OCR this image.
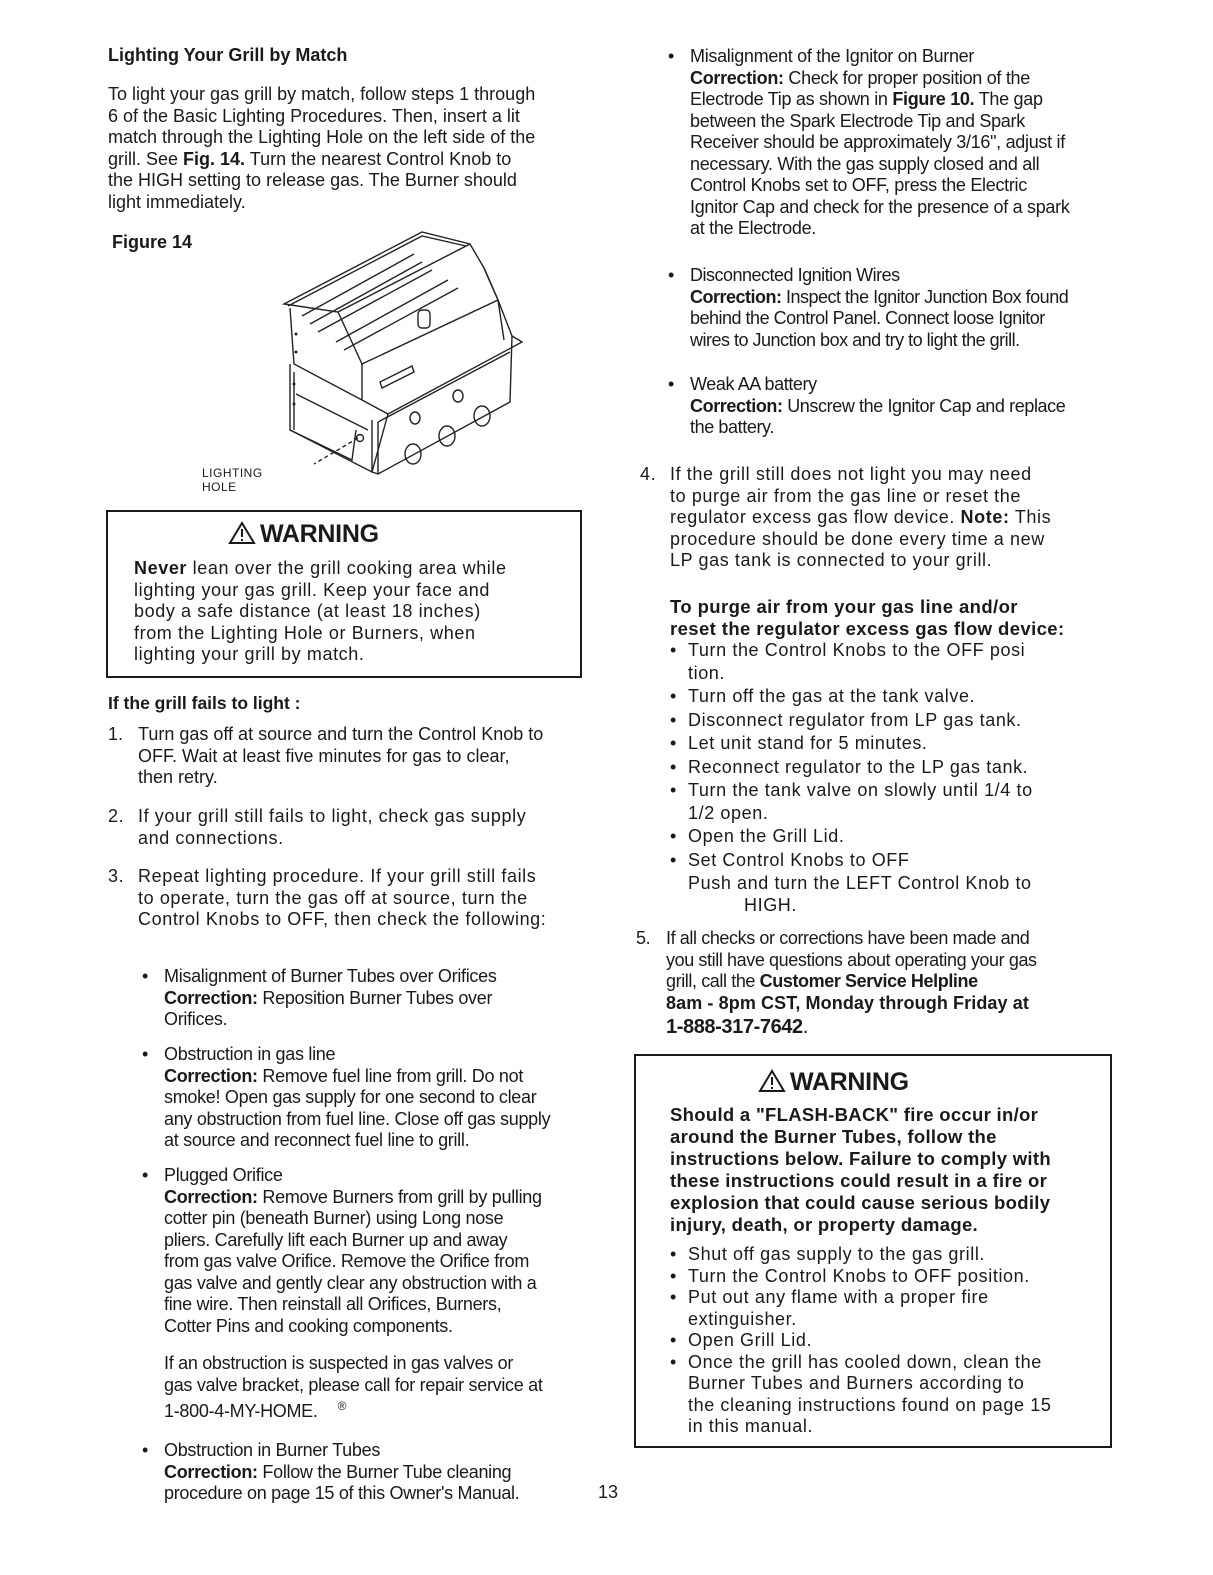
Lighting Your Grill by Match

To light your gas grill by match, follow steps 1 through

6 of the Basic Lighting Procedures. Then, insert a lit

match through the Lighting Hole on the left side of the

grill. See Fig. 14. Turn the nearest Control Knob to

the HIGH setting to release gas. The Burner should

light immediately.

Figure 14

LIGHTING

HOLE

WARNING

Never lean over the grill cooking area while

lighting your gas grill. Keep your face and

body a safe distance (at least 18 inches)

from the Lighting Hole or Burners, when

lighting your grill by match.

If the grill fails to light :
1. Turn gas off at source and turn the Control Knob to

OFF. Wait at least five minutes for gas to clear,

then retry.

2. If your grill still fails to light, check gas supply

and connections.

3. Repeat lighting procedure. If your grill still fails

to operate, turn the gas off at source, turn the

Control Knobs to OFF, then check the following:

• Misalignment of Burner Tubes over Orifices

Correction: Reposition Burner Tubes over

Orifices.

• Obstruction in gas line

Correction: Remove fuel line from grill. Do not

smoke! Open gas supply for one second to clear

any obstruction from fuel line. Close off gas supply

at source and reconnect fuel line to grill.

• Plugged Orifice

Correction: Remove Burners from grill by pulling

cotter pin (beneath Burner) using Long nose

pliers. Carefully lift each Burner up and away

from gas valve Orifice. Remove the Orifice from

gas valve and gently clear any obstruction with a

fine wire. Then reinstall all Orifices, Burners,

Cotter Pins and cooking components.

If an obstruction is suspected in gas valves or

gas valve bracket, please call for repair service at

1-800-4-MY-HOME. ®

• Obstruction in Burner Tubes

Correction: Follow the Burner Tube cleaning

procedure on page 15 of this Owner's Manual.	13
• Misalignment of the Ignitor on Burner

Correction: Check for proper position of the

Electrode Tip as shown in Figure 10. The gap

between the Spark Electrode Tip and Spark

Receiver should be approximately 3/16", adjust if

necessary. With the gas supply closed and all

Control Knobs set to OFF, press the Electric

Ignitor Cap and check for the presence of a spark

at the Electrode.

• Disconnected Ignition Wires

Correction: Inspect the Ignitor Junction Box found

behind the Control Panel. Connect loose Ignitor

wires to Junction box and try to light the grill.

• Weak AA battery

Correction: Unscrew the Ignitor Cap and replace

the battery.

4. If the grill still does not light you may need

to purge air from the gas line or reset the

regulator excess gas flow device. Note: This

procedure should be done every time a new

LP gas tank is connected to your grill.

To purge air from your gas line and/or

reset the regulator excess gas flow device:

• Turn the Control Knobs to the OFF posi

tion.

• Turn off the gas at the tank valve.

• Disconnect regulator from LP gas tank.

• Let unit stand for 5 minutes.

• Reconnect regulator to the LP gas tank.

• Turn the tank valve on slowly until 1/4 to

1/2 open.

• Open the Grill Lid.

• Set Control Knobs to OFF

Push and turn the LEFT Control Knob to

HIGH.

5. If all checks or corrections have been made and

you still have questions about operating your gas

grill, call the Customer Service Helpline

8am - 8pm CST, Monday through Friday at

1-888-317-7642.

WARNING

Should a "FLASH-BACK" fire occur in/or

around the Burner Tubes, follow the

instructions below. Failure to comply with

these instructions could result in a fire or

explosion that could cause serious bodily

injury, death, or property damage.

• Shut off gas supply to the gas grill.

• Turn the Control Knobs to OFF position.

• Put out any flame with a proper fire

extinguisher.

• Open Grill Lid.

• Once the grill has cooled down, clean the

Burner Tubes and Burners according to

the cleaning instructions found on page 15

in this manual.
